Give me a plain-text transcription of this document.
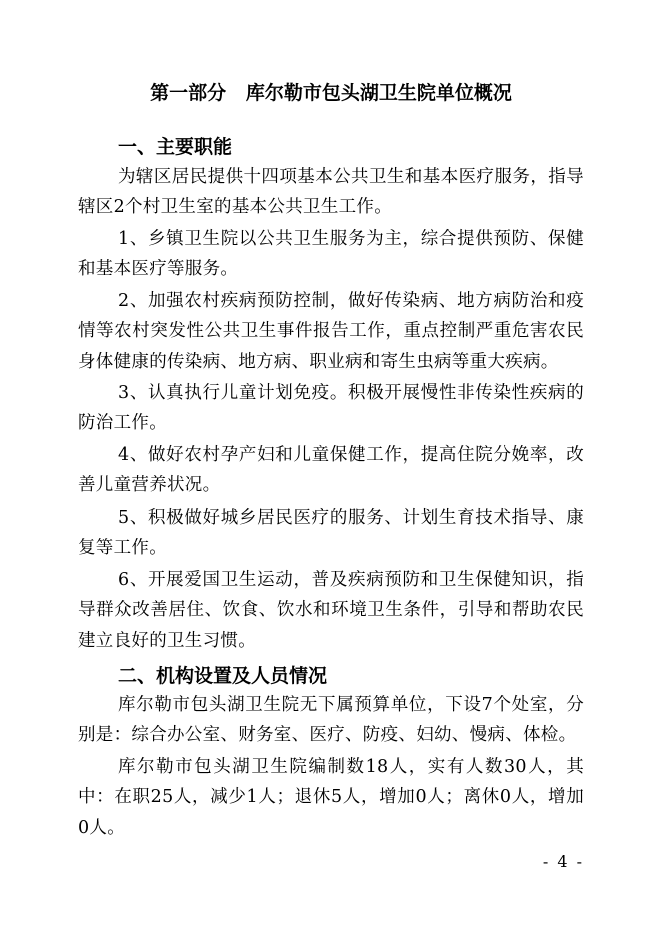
第一部分   库尔勒市包头湖卫生院单位概况
一、主要职能
为辖区居民提供十四项基本公共卫生和基本医疗服务，指导辖区2个村卫生室的基本公共卫生工作。
1、乡镇卫生院以公共卫生服务为主，综合提供预防、保健和基本医疗等服务。
2、加强农村疾病预防控制，做好传染病、地方病防治和疫情等农村突发性公共卫生事件报告工作，重点控制严重危害农民身体健康的传染病、地方病、职业病和寄生虫病等重大疾病。
3、认真执行儿童计划免疫。积极开展慢性非传染性疾病的防治工作。
4、做好农村孕产妇和儿童保健工作，提高住院分娩率，改善儿童营养状况。
5、积极做好城乡居民医疗的服务、计划生育技术指导、康复等工作。
6、开展爱国卫生运动，普及疾病预防和卫生保健知识，指导群众改善居住、饮食、饮水和环境卫生条件，引导和帮助农民建立良好的卫生习惯。
二、机构设置及人员情况
库尔勒市包头湖卫生院无下属预算单位，下设7个处室，分别是：综合办公室、财务室、医疗、防疫、妇幼、慢病、体检。
库尔勒市包头湖卫生院编制数18人，实有人数30人，其中：在职25人，减少1人；退休5人，增加0人；离休0人，增加0人。
- 4 -
